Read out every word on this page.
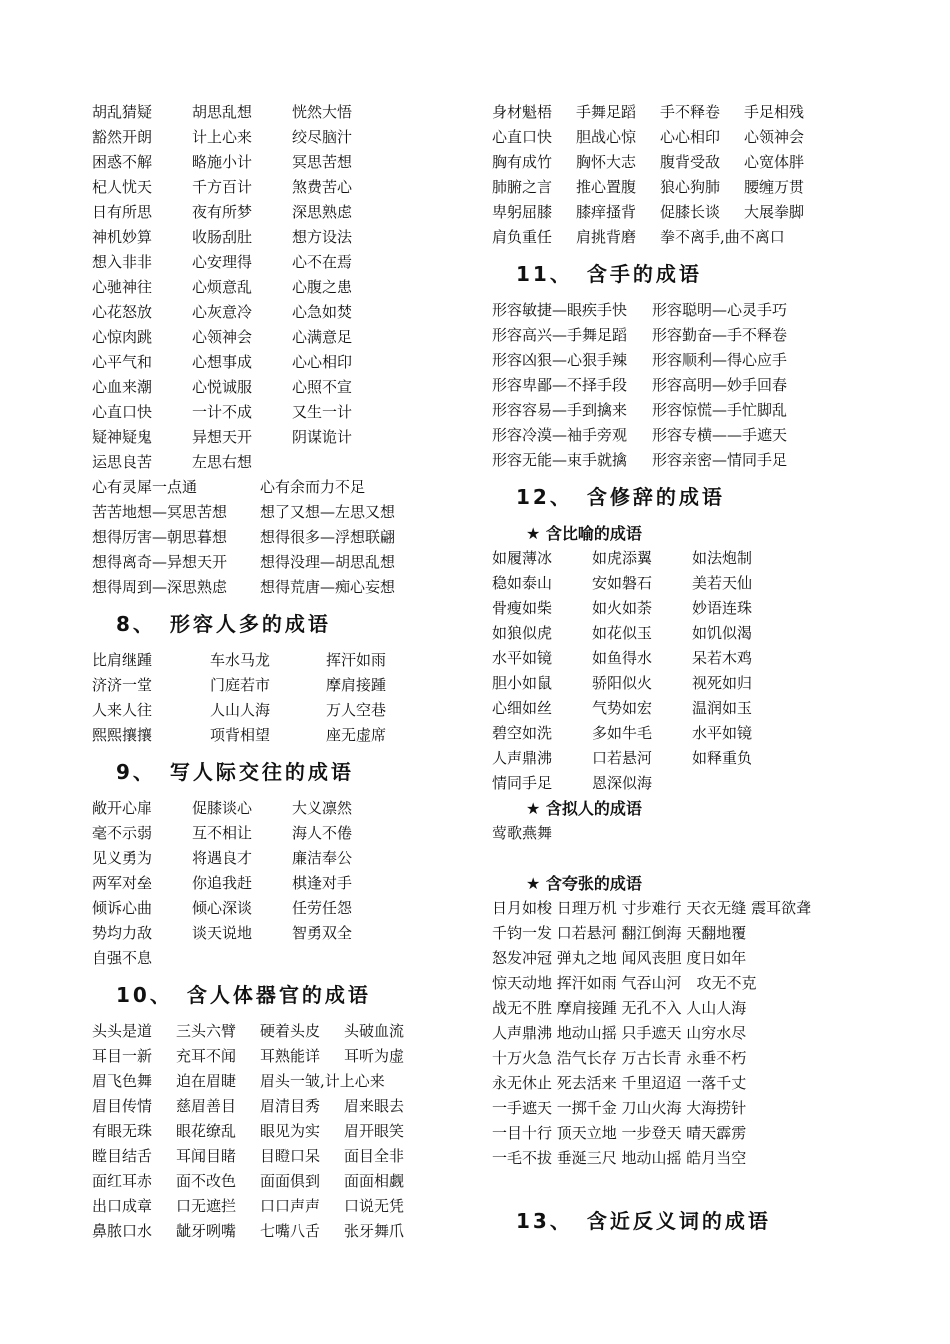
胡乱猜疑	胡思乱想	恍然大悟
豁然开朗	计上心来	绞尽脑汁
困惑不解	略施小计	冥思苦想
杞人忧天	千方百计	煞费苦心
日有所思	夜有所梦	深思熟虑
神机妙算	收肠刮肚	想方设法
想入非非	心安理得	心不在焉
心驰神往	心烦意乱	心腹之患
心花怒放	心灰意冷	心急如焚
心惊肉跳	心领神会	心满意足
心平气和	心想事成	心心相印
心血来潮	心悦诚服	心照不宣
心直口快	一计不成	又生一计
疑神疑鬼	异想天开	阴谋诡计
运思良苦	左思右想
心有灵犀一点通	心有余而力不足
苦苦地想—冥思苦想 想了又想—左思又想
想得厉害—朝思暮想 想得很多—浮想联翩
想得离奇—异想天开 想得没理—胡思乱想
想得周到—深思熟虑 想得荒唐—痴心妄想
8、 形容人多的成语
比肩继踵	车水马龙	挥汗如雨
济济一堂	门庭若市	摩肩接踵
人来人往	人山人海	万人空巷
熙熙攘攘	项背相望	座无虚席
9、 写人际交往的成语
敞开心扉	促膝谈心	大义凛然
毫不示弱	互不相让	海人不倦
见义勇为	将遇良才	廉洁奉公
两军对垒	你追我赶	棋逢对手
倾诉心曲	倾心深谈	任劳任怨
势均力敌	谈天说地	智勇双全
自强不息
10、 含人体器官的成语
头头是道 三头六臂 硬着头皮 头破血流
耳目一新 充耳不闻 耳熟能详 耳听为虚
眉飞色舞 迫在眉睫 眉头一皱,计上心来
眉目传情 慈眉善目 眉清目秀 眉来眼去
有眼无珠 眼花缭乱 眼见为实 眉开眼笑
瞠目结舌 耳闻目睹 目瞪口呆 面目全非
面红耳赤 面不改色 面面俱到 面面相觑
出口成章 口无遮拦 口口声声 口说无凭
鼻脓口水 龇牙咧嘴 七嘴八舌 张牙舞爪
身材魁梧 手舞足蹈 手不释卷 手足相残
心直口快 胆战心惊 心心相印 心领神会
胸有成竹 胸怀大志 腹背受敌 心宽体胖
肺腑之言 推心置腹 狼心狗肺 腰缠万贯
卑躬屈膝 膝痒搔背 促膝长谈 大展拳脚
肩负重任 肩挑背磨 拳不离手,曲不离口
11、 含手的成语
形容敏捷—眼疾手快 形容聪明—心灵手巧
形容高兴—手舞足蹈 形容勤奋—手不释卷
形容凶狠—心狠手辣 形容顺利—得心应手
形容卑鄙—不择手段 形容高明—妙手回春
形容容易—手到擒来 形容惊慌—手忙脚乱
形容冷漠—袖手旁观 形容专横——手遮天
形容无能—束手就擒 形容亲密—情同手足
12、 含修辞的成语
★ 含比喻的成语
如履薄冰	如虎添翼	如法炮制
稳如泰山	安如磐石	美若天仙
骨瘦如柴	如火如荼	妙语连珠
如狼似虎	如花似玉	如饥似渴
水平如镜	如鱼得水	呆若木鸡
胆小如鼠	骄阳似火	视死如归
心细如丝	气势如宏	温润如玉
碧空如洗	多如牛毛	水平如镜
人声鼎沸	口若悬河	如释重负
情同手足	恩深似海
★ 含拟人的成语
莺歌燕舞
★ 含夸张的成语
日月如梭 日理万机 寸步难行 天衣无缝 震耳欲聋
千钧一发 口若悬河 翻江倒海 天翻地覆
怒发冲冠 弹丸之地 闻风丧胆 度日如年
惊天动地 挥汗如雨 气吞山河　攻无不克
战无不胜 摩肩接踵 无孔不入 人山人海
人声鼎沸 地动山摇 只手遮天 山穷水尽
十万火急 浩气长存 万古长青 永垂不朽
永无休止 死去活来 千里迢迢 一落千丈
一手遮天 一掷千金 刀山火海 大海捞针
一目十行 顶天立地 一步登天 晴天霹雳
一毛不拔 垂涎三尺 地动山摇 皓月当空
13、 含近反义词的成语
